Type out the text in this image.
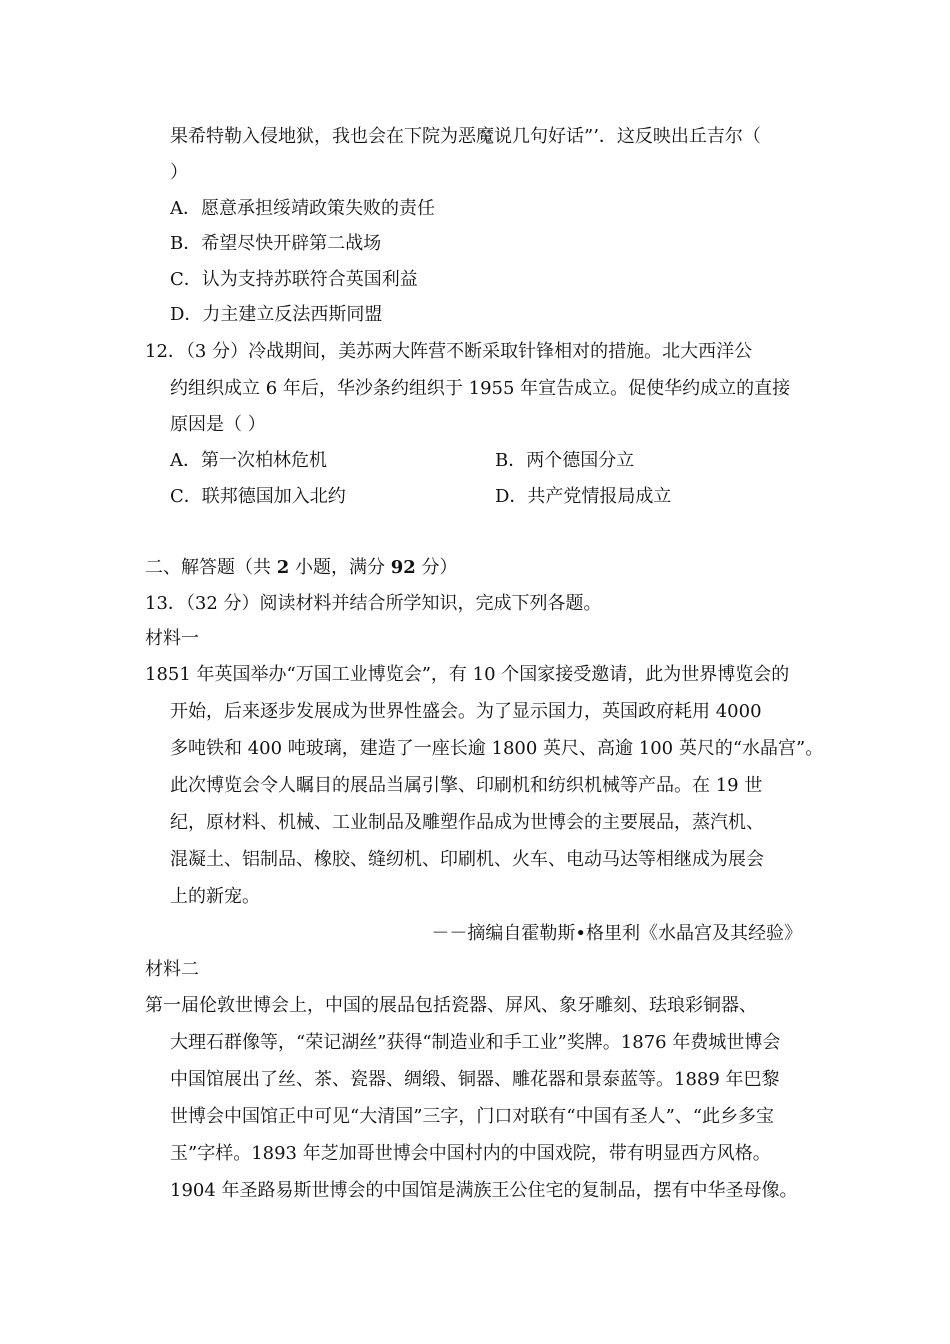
果希特勒入侵地狱，我也会在下院为恶魔说几句好话”’．这反映出丘吉尔（
）
A．愿意承担绥靖政策失败的责任
B．希望尽快开辟第二战场
C．认为支持苏联符合英国利益
D．力主建立反法西斯同盟
12．（3 分）冷战期间，美苏两大阵营不断采取针锋相对的措施。北大西洋公
约组织成立 6 年后，华沙条约组织于 1955 年宣告成立。促使华约成立的直接
原因是（ ）
A．第一次柏林危机	B．两个德国分立
C．联邦德国加入北约	D．共产党情报局成立
二、解答题（共 2 小题，满分 92 分）
13．（32 分）阅读材料并结合所学知识，完成下列各题。
材料一
1851 年英国举办“万国工业博览会”，有 10 个国家接受邀请，此为世界博览会的
开始，后来逐步发展成为世界性盛会。为了显示国力，英国政府耗用 4000
多吨铁和 400 吨玻璃，建造了一座长逾 1800 英尺、高逾 100 英尺的“水晶宫”。
此次博览会令人瞩目的展品当属引擎、印刷机和纺织机械等产品。在 19 世
纪，原材料、机械、工业制品及雕塑作品成为世博会的主要展品，蒸汽机、
混凝土、铝制品、橡胶、缝纫机、印刷机、火车、电动马达等相继成为展会
上的新宠。
－－摘编自霍勒斯•格里利《水晶宫及其经验》
材料二
第一届伦敦世博会上，中国的展品包括瓷器、屏风、象牙雕刻、珐琅彩铜器、
大理石群像等，“荣记湖丝”获得“制造业和手工业”奖牌。1876 年费城世博会
中国馆展出了丝、茶、瓷器、绸缎、铜器、雕花器和景泰蓝等。1889 年巴黎
世博会中国馆正中可见“大清国”三字，门口对联有“中国有圣人”、“此乡多宝
玉”字样。1893 年芝加哥世博会中国村内的中国戏院，带有明显西方风格。
1904 年圣路易斯世博会的中国馆是满族王公住宅的复制品，摆有中华圣母像。
